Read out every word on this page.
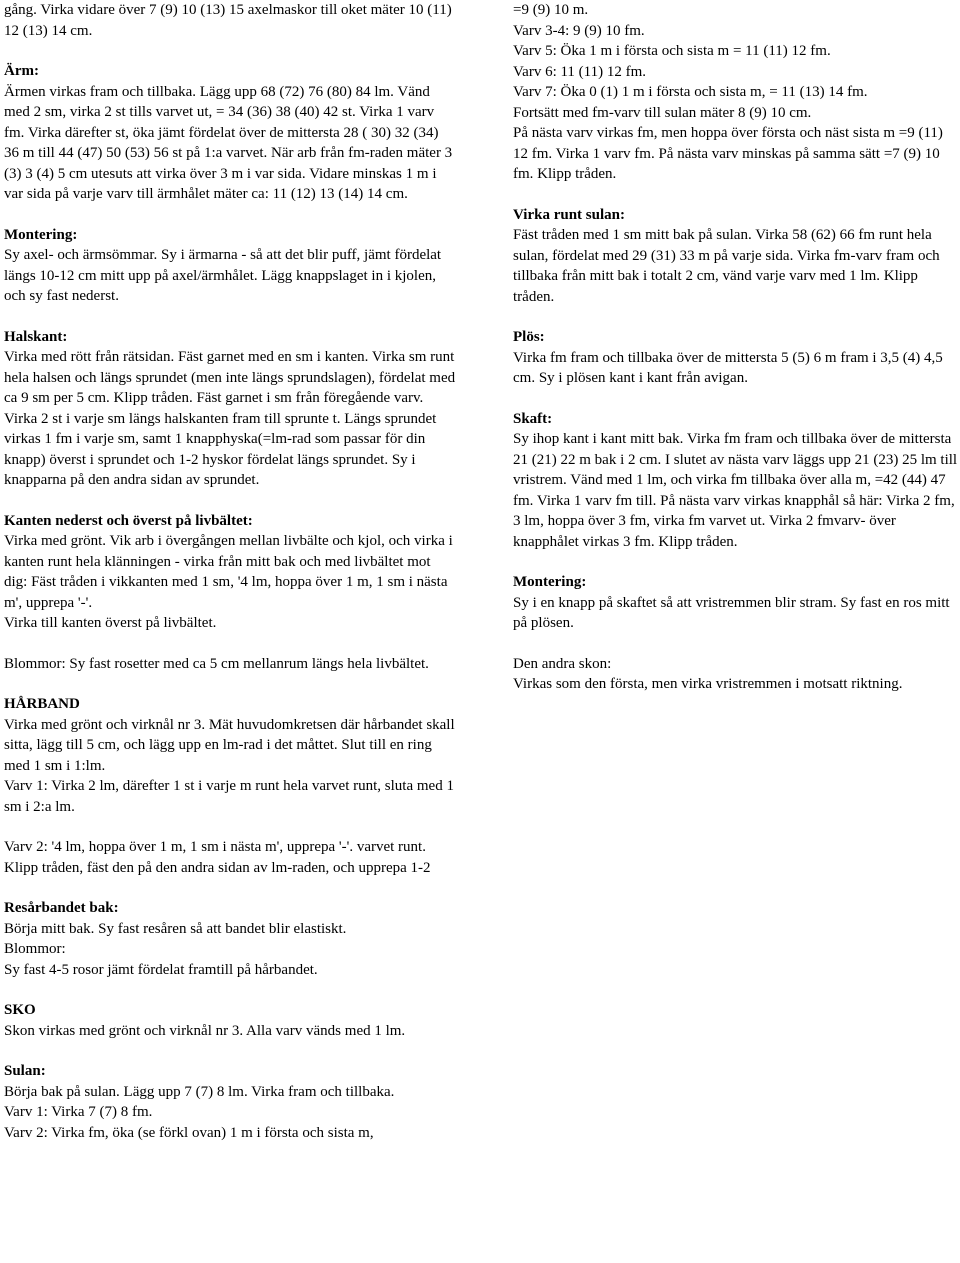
gång. Virka vidare över 7 (9) 10 (13) 15 axelmaskor till oket mäter 10 (11) 12 (13) 14 cm.

Ärm:

Ärmen virkas fram och tillbaka. Lägg upp 68 (72) 76 (80) 84 lm. Vänd med 2 sm, virka 2 st tills varvet ut, = 34 (36) 38 (40) 42 st. Virka 1 varv fm. Virka därefter st, öka jämt fördelat över de mittersta 28 ( 30) 32 (34) 36 m till 44 (47) 50 (53) 56 st på 1:a varvet. När arb från fm-raden mäter 3 (3) 3 (4) 5 cm utesuts att virka över 3 m i var sida. Vidare minskas 1 m i var sida på varje varv till ärmhålet mäter ca: 11 (12) 13 (14) 14 cm.

Montering:

Sy axel- och ärmsömmar. Sy i ärmarna - så att det blir puff, jämt fördelat längs 10-12 cm mitt upp på axel/ärmhålet. Lägg knappslaget in i kjolen, och sy fast nederst.

Halskant:

Virka med rött från rätsidan. Fäst garnet med en sm i kanten. Virka sm runt hela halsen och längs sprundet (men inte längs sprundslagen), fördelat med ca 9 sm per 5 cm. Klipp tråden. Fäst garnet i sm från föregående varv. Virka 2 st i varje sm längs halskanten fram till sprunte t. Längs sprundet virkas 1 fm i varje sm, samt 1 knapphyska(=lm-rad som passar för din knapp) överst i sprundet och 1-2 hyskor fördelat längs sprundet. Sy i knapparna på den andra sidan av sprundet.

Kanten nederst och överst på livbältet:

Virka med grönt. Vik arb i övergången mellan livbälte och kjol, och virka i kanten runt hela klänningen - virka från mitt bak och med livbältet mot dig: Fäst tråden i vikkanten med 1 sm, '4 lm, hoppa över 1 m, 1 sm i nästa m', upprepa '-'.

Virka till kanten överst på livbältet.

Blommor: Sy fast rosetter med ca 5 cm mellanrum längs hela livbältet.

HÅRBAND

Virka med grönt och virknål nr 3. Mät huvudomkretsen där hårbandet skall sitta, lägg till 5 cm, och lägg upp en lm-rad i det måttet. Slut till en ring med 1 sm i 1:lm.

Varv 1: Virka 2 lm, därefter 1 st i varje m runt hela varvet runt, sluta med 1 sm i 2:a lm.

Varv 2: '4 lm, hoppa över 1 m, 1 sm i nästa m', upprepa '-'. varvet runt. Klipp tråden, fäst den på den andra sidan av lm-raden, och upprepa 1-2

Resårbandet bak:

Börja mitt bak. Sy fast resåren så att bandet blir elastiskt.

Blommor:

Sy fast 4-5 rosor jämt fördelat framtill på hårbandet.

SKO

Skon virkas med grönt och virknål nr 3. Alla varv vänds med 1 lm.

Sulan:

Börja bak på sulan. Lägg upp 7 (7) 8 lm. Virka fram och tillbaka.

Varv 1: Virka 7 (7) 8 fm.

Varv 2: Virka fm, öka (se förkl ovan) 1 m i första och sista m,

=9 (9) 10 m.

Varv 3-4: 9 (9) 10 fm.

Varv 5: Öka 1 m i första och sista m = 11 (11) 12 fm.

Varv 6: 11 (11) 12 fm.

Varv 7: Öka 0 (1) 1 m i första och sista m, = 11 (13) 14 fm.

Fortsätt med fm-varv till sulan mäter 8 (9) 10 cm.

På nästa varv virkas fm, men hoppa över första och näst sista m =9 (11) 12 fm. Virka 1 varv fm. På nästa varv minskas på samma sätt =7 (9) 10 fm. Klipp tråden.

Virka runt sulan:

Fäst tråden med 1 sm mitt bak på sulan. Virka 58 (62) 66 fm runt hela sulan, fördelat med 29 (31) 33 m på varje sida. Virka fm-varv fram och tillbaka från mitt bak i totalt 2 cm, vänd varje varv med 1 lm. Klipp tråden.

Plös:

Virka fm fram och tillbaka över de mittersta 5 (5) 6 m fram i 3,5 (4) 4,5 cm. Sy i plösen kant i kant från avigan.

Skaft:

Sy ihop kant i kant mitt bak. Virka fm fram och tillbaka över de mittersta 21 (21) 22 m bak i 2 cm. I slutet av nästa varv läggs upp 21 (23) 25 lm till vristrem. Vänd med 1 lm, och virka fm tillbaka över alla m, =42 (44) 47 fm. Virka 1 varv fm till. På nästa varv virkas knapphål så här: Virka 2 fm, 3 lm, hoppa över 3 fm, virka fm varvet ut. Virka 2 fmvarv- över knapphålet virkas 3 fm. Klipp tråden.

Montering:

Sy i en knapp på skaftet så att vristremmen blir stram. Sy fast en ros mitt på plösen.

Den andra skon:

Virkas som den första, men virka vristremmen i motsatt riktning.
